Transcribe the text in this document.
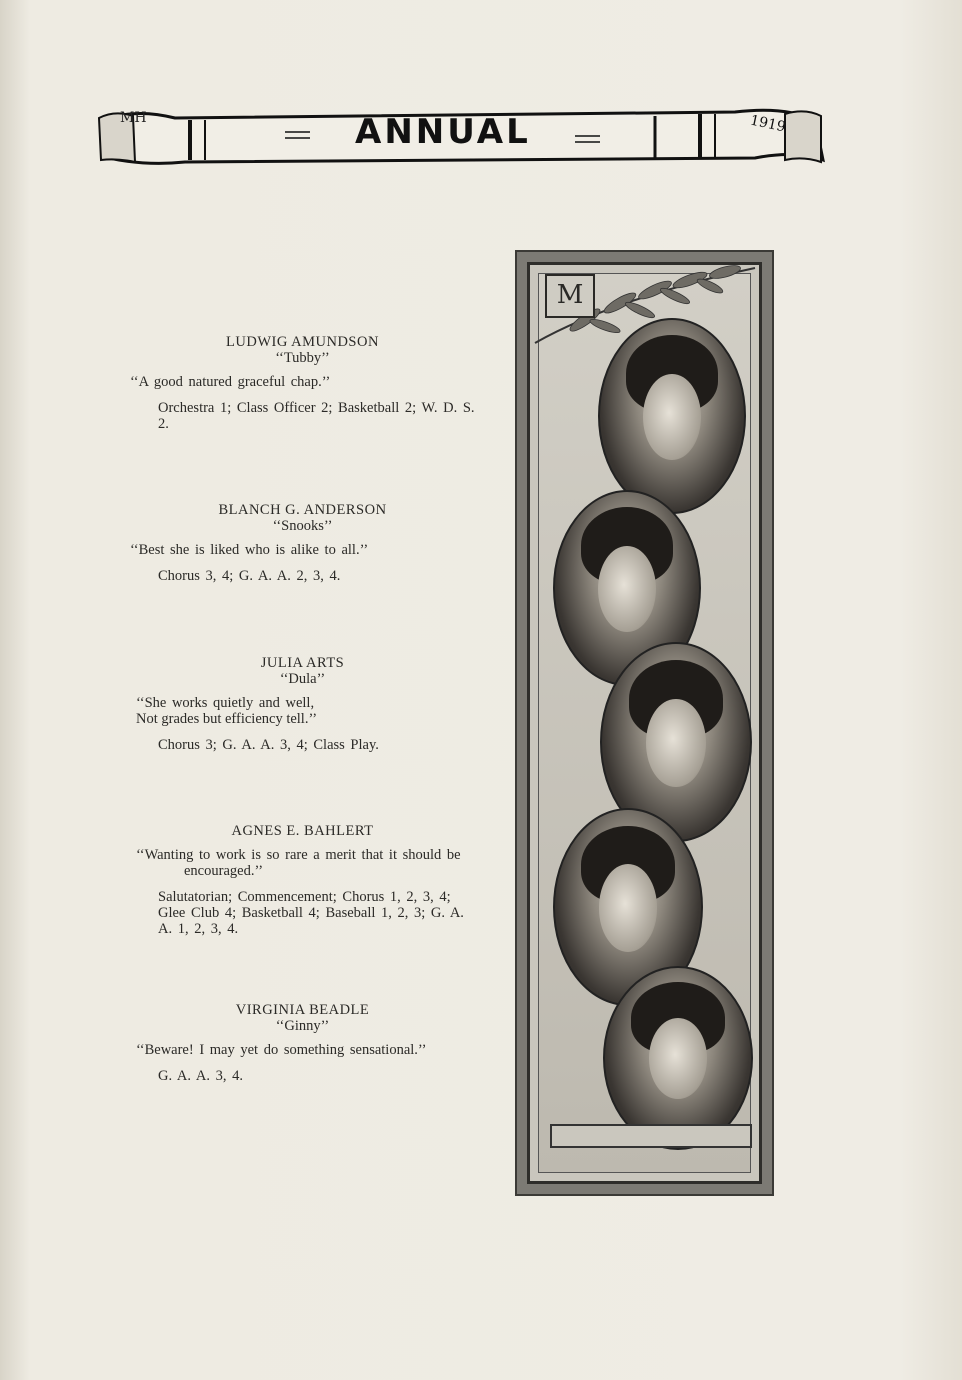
MH	ANNUAL	1919
LUDWIG AMUNDSON
‘‘Tubby’’
‘‘A good natured graceful chap.’’
Orchestra 1; Class Officer 2; Basketball 2; W. D. S. 2.
BLANCH G. ANDERSON
‘‘Snooks’’
‘‘Best she is liked who is alike to all.’’
Chorus 3, 4; G. A. A. 2, 3, 4.
JULIA ARTS
‘‘Dula’’
‘‘She works quietly and well,
Not grades but efficiency tell.’’
Chorus 3; G. A. A. 3, 4; Class Play.
AGNES E. BAHLERT
‘‘Wanting to work is so rare a merit that it should be encouraged.’’
Salutatorian; Commencement; Chorus 1, 2, 3, 4; Glee Club 4; Basketball 4; Baseball 1, 2, 3; G. A. A. 1, 2, 3, 4.
VIRGINIA BEADLE
‘‘Ginny’’
‘‘Beware! I may yet do something sensational.’’
G. A. A. 3, 4.
M
